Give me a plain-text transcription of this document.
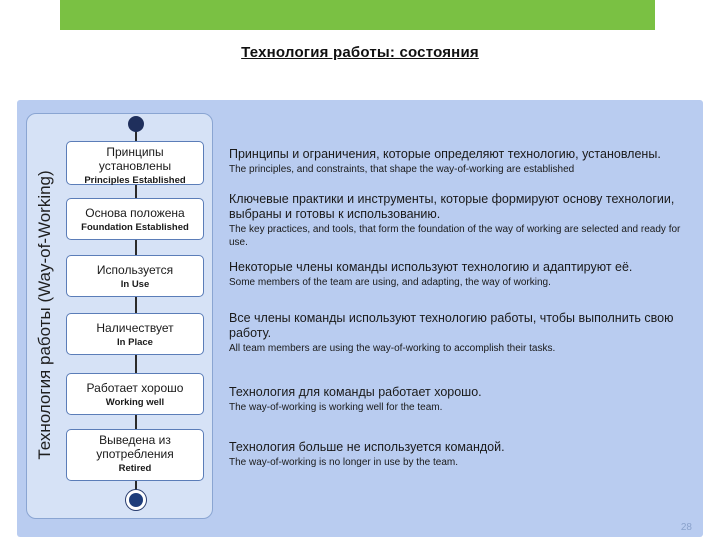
Технология работы: состояния
Технология работы (Way-of-Working)
Принципы установлены
Principles Established
Основа положена
Foundation Established
Используется
In Use
Наличествует
In Place
Работает хорошо
Working well
Выведена из употребления
Retired
Принципы и ограничения, которые определяют технологию, установлены.
The principles, and constraints, that shape the way-of-working are established
Ключевые практики и инструменты, которые формируют основу технологии, выбраны и готовы к использованию.
The key practices, and tools, that form the foundation of the way of working are selected and ready for use.
Некоторые члены команды используют технологию и адаптируют её.
Some members of the team are using, and adapting, the way of working.
Все члены команды используют технологию работы, чтобы выполнить свою работу.
All team members are using the way-of-working to accomplish their tasks.
Технология для команды работает хорошо.
The way-of-working is working well for the team.
Технология больше не используется командой.
The way-of-working is no longer in use by the team.
28
